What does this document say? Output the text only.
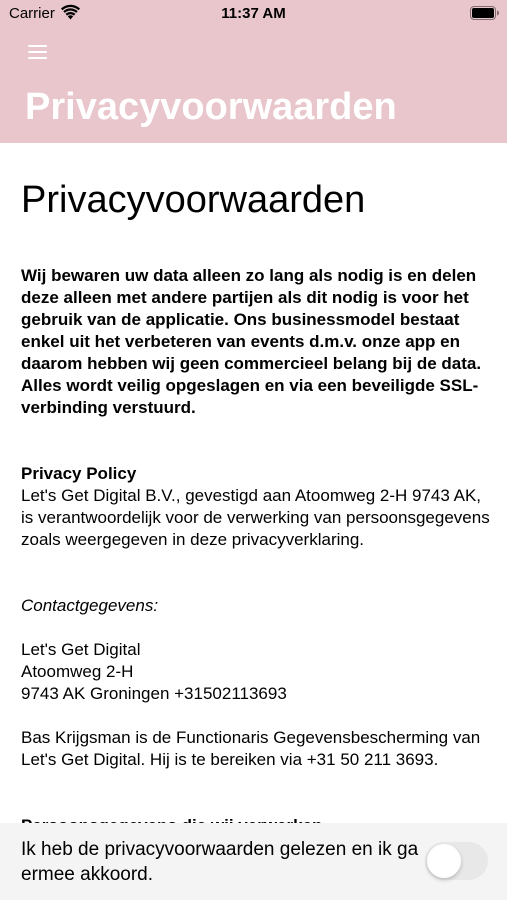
Carrier	11:37 AM
Privacyvoorwaarden
Privacyvoorwaarden

Wij bewaren uw data alleen zo lang als nodig is en delen deze alleen met andere partijen als dit nodig is voor het gebruik van de applicatie. Ons businessmodel bestaat enkel uit het verbeteren van events d.m.v. onze app en daarom hebben wij geen commercieel belang bij de data. Alles wordt veilig opgeslagen en via een beveiligde SSL-verbinding verstuurd.

Privacy Policy
Let's Get Digital B.V., gevestigd aan Atoomweg 2-H 9743 AK, is verantwoordelijk voor de verwerking van persoonsgegevens zoals weergegeven in deze privacyverklaring.

Contactgegevens:

Let's Get Digital
Atoomweg 2-H
9743 AK Groningen +31502113693

Bas Krijgsman is de Functionaris Gegevensbescherming van Let's Get Digital. Hij is te bereiken via +31 50 211 3693.

Ik heb de privacyvoorwaarden gelezen en ik ga ermee akkoord.
